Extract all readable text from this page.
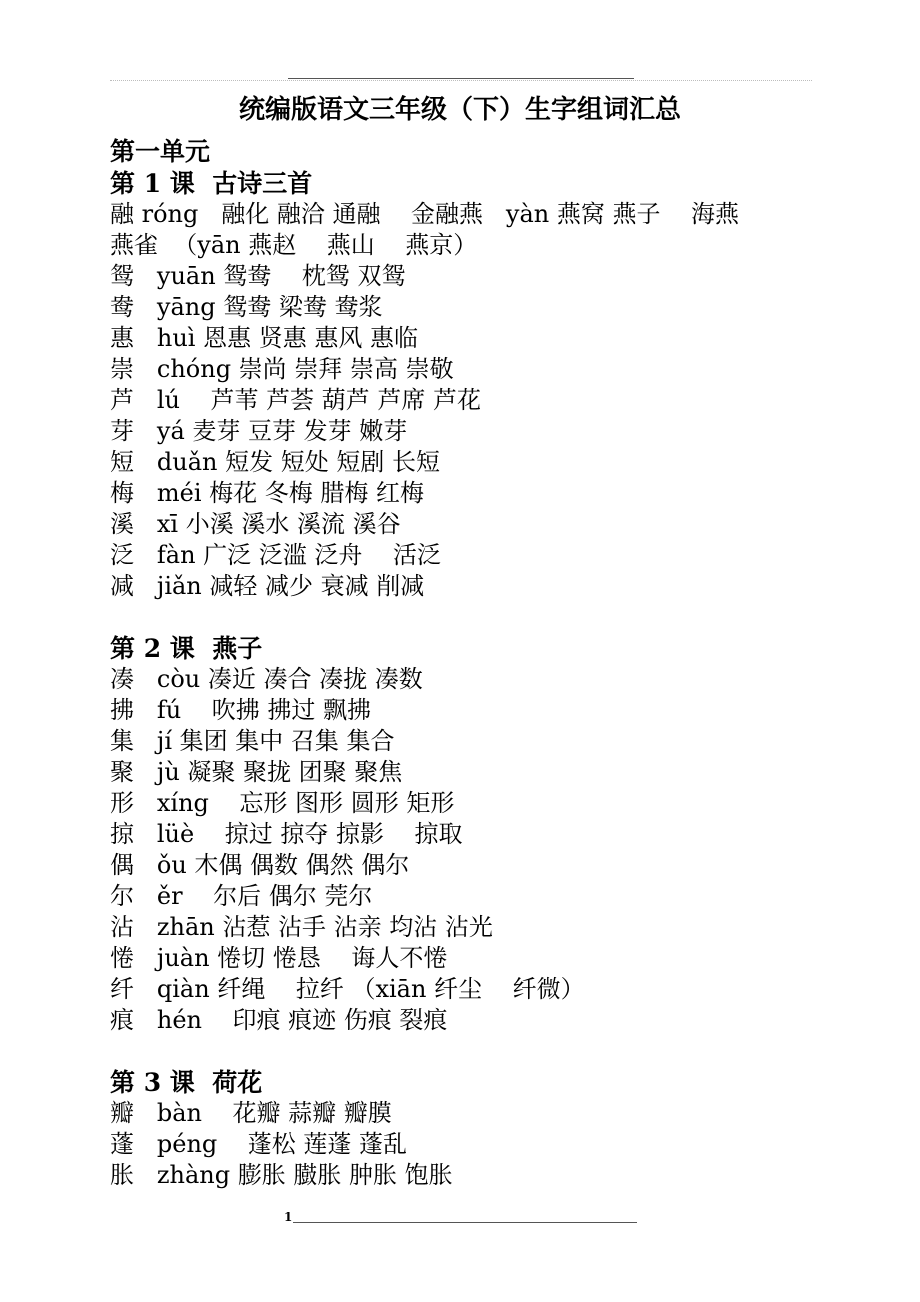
统编版语文三年级（下）生字组词汇总
第一单元
第 1 课  古诗三首
融 róng   融化 融洽 通融    金融燕   yàn 燕窝 燕子    海燕
燕雀  （yān 燕赵    燕山    燕京）
鸳   yuān 鸳鸯    枕鸳 双鸳
鸯   yāng 鸳鸯 梁鸯 鸯浆
惠   huì 恩惠 贤惠 惠风 惠临
崇   chóng 崇尚 崇拜 崇高 崇敬
芦   lú    芦苇 芦荟 葫芦 芦席 芦花
芽   yá 麦芽 豆芽 发芽 嫩芽
短   duǎn 短发 短处 短剧 长短
梅   méi 梅花 冬梅 腊梅 红梅
溪   xī 小溪 溪水 溪流 溪谷
泛   fàn 广泛 泛滥 泛舟    活泛
减   jiǎn 减轻 减少 衰减 削减
第 2 课  燕子
凑   còu 凑近 凑合 凑拢 凑数
拂   fú    吹拂 拂过 飘拂
集   jí 集团 集中 召集 集合
聚   jù 凝聚 聚拢 团聚 聚焦
形   xíng    忘形 图形 圆形 矩形
掠   lüè    掠过 掠夺 掠影    掠取
偶   ǒu 木偶 偶数 偶然 偶尔
尔   ěr    尔后 偶尔 莞尔
沾   zhān 沾惹 沾手 沾亲 均沾 沾光
惓   juàn 惓切 惓恳    诲人不惓
纤   qiàn 纤绳    拉纤 （xiān 纤尘    纤微）
痕   hén    印痕 痕迹 伤痕 裂痕
第 3 课  荷花
瓣   bàn    花瓣 蒜瓣 瓣膜
蓬   péng    蓬松 莲蓬 蓬乱
胀   zhàng 膨胀 臌胀 肿胀 饱胀
1
